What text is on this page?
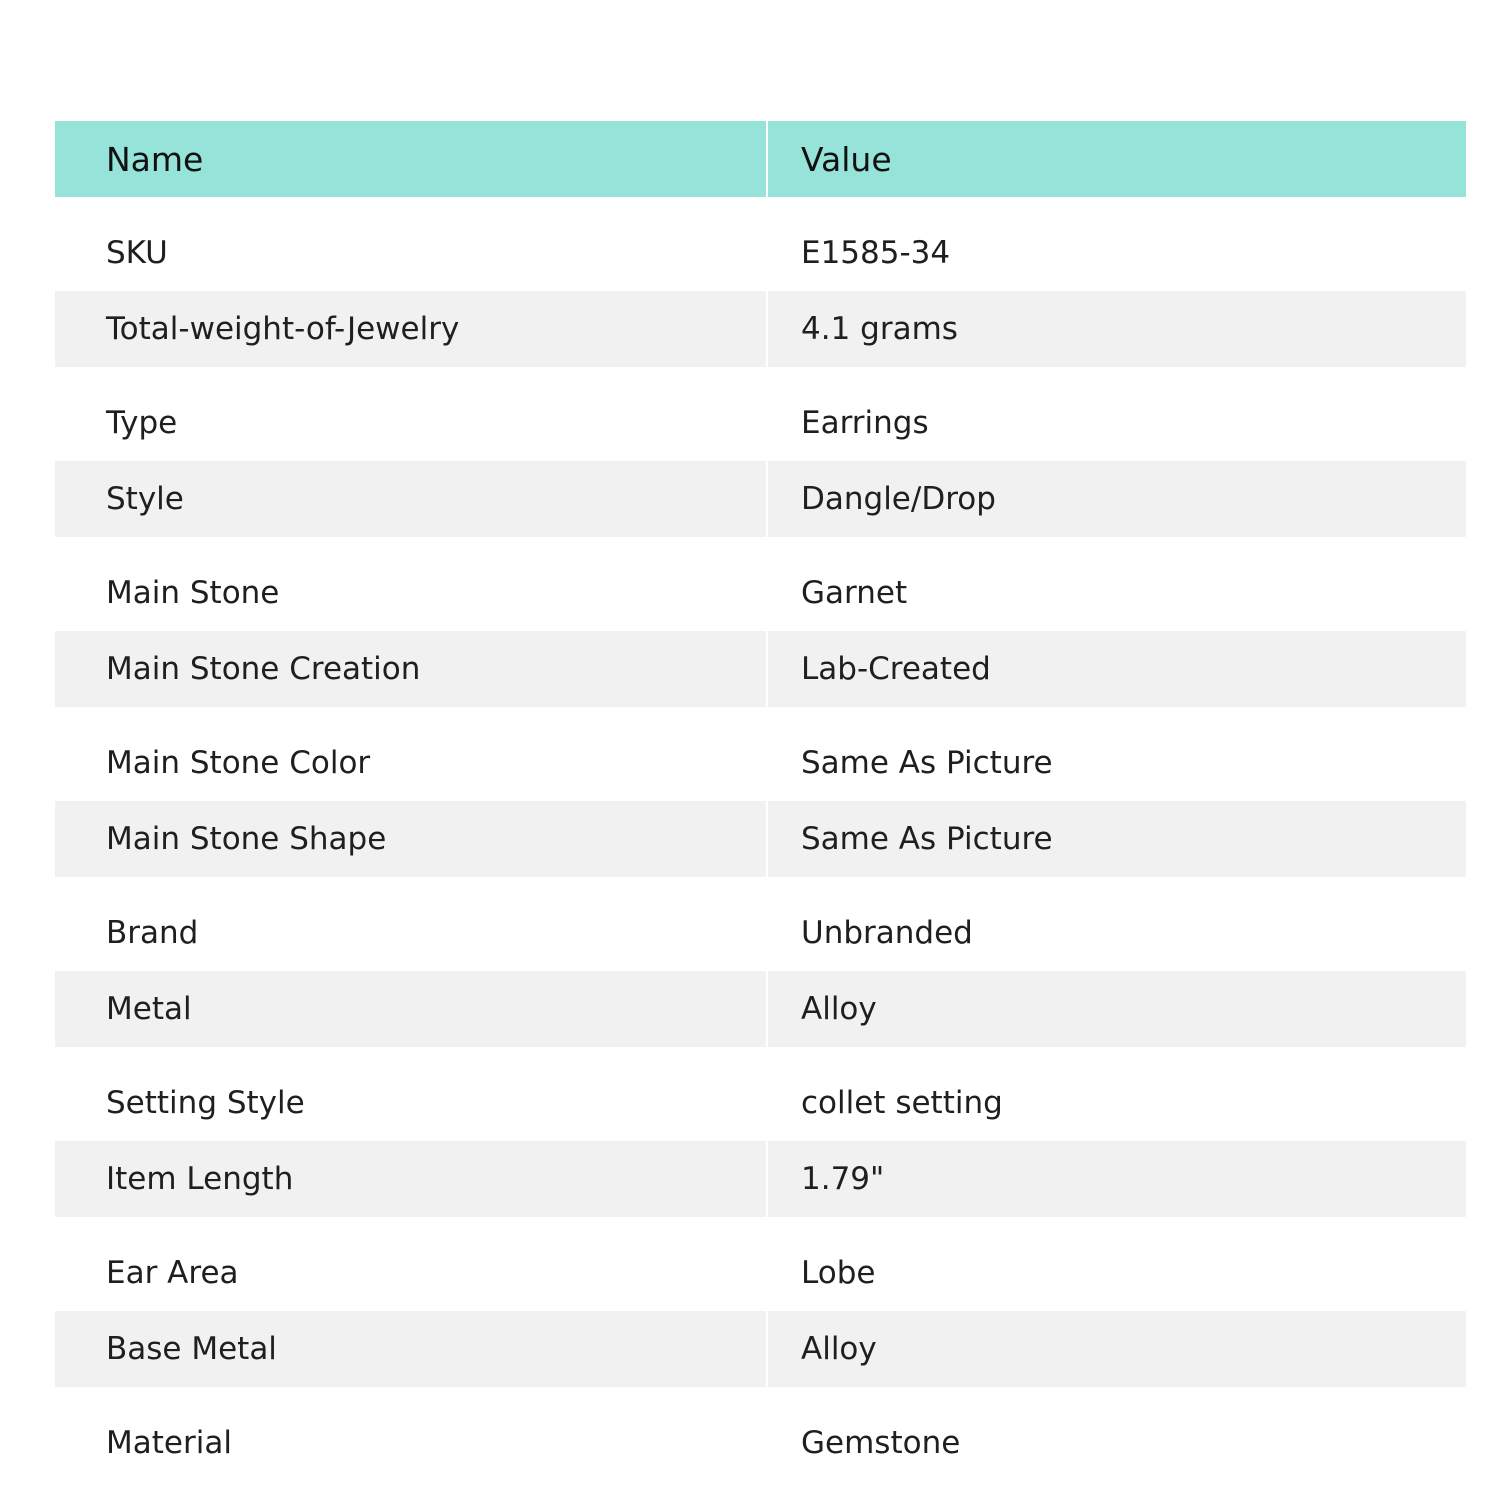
Name	Value
SKU	E1585-34
Total-weight-of-Jewelry	4.1 grams
Type	Earrings
Style	Dangle/Drop
Main Stone	Garnet
Main Stone Creation	Lab-Created
Main Stone Color	Same As Picture
Main Stone Shape	Same As Picture
Brand	Unbranded
Metal	Alloy
Setting Style	collet setting
Item Length	1.79"
Ear Area	Lobe
Base Metal	Alloy
Material	Gemstone
